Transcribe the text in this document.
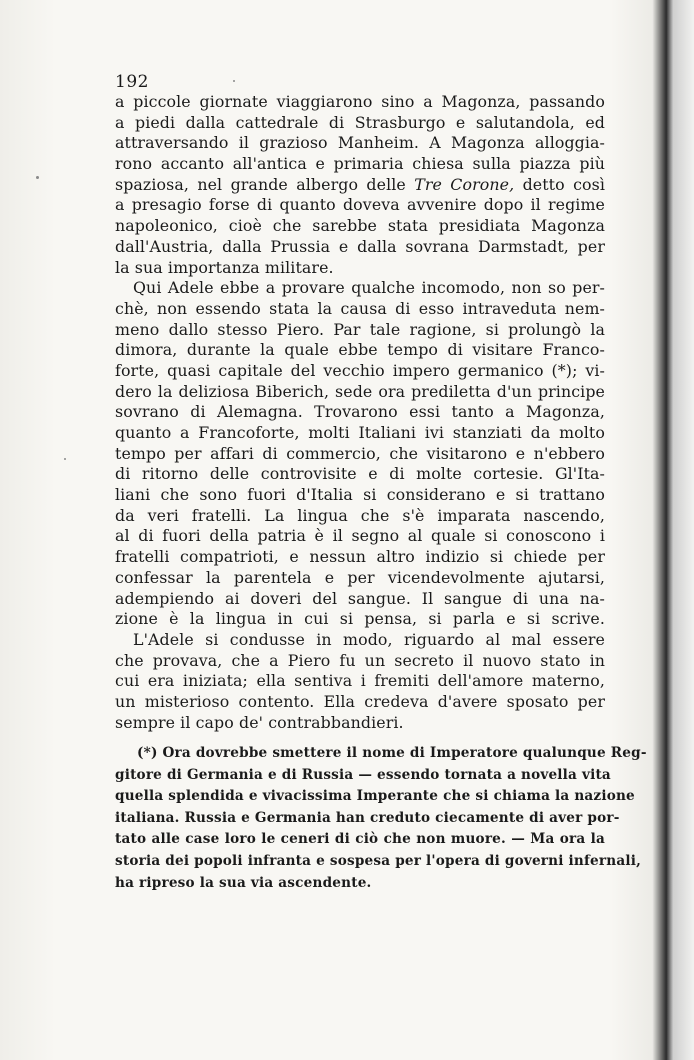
192
a piccole giornate viaggiarono sino a Magonza, passando
a piedi dalla cattedrale di Strasburgo e salutandola, ed
attraversando il grazioso Manheim. A Magonza alloggia-
rono accanto all'antica e primaria chiesa sulla piazza più
spaziosa, nel grande albergo delle Tre Corone, detto così
a presagio forse di quanto doveva avvenire dopo il regime
napoleonico, cioè che sarebbe stata presidiata Magonza
dall'Austria, dalla Prussia e dalla sovrana Darmstadt, per
la sua importanza militare.
Qui Adele ebbe a provare qualche incomodo, non so per-
chè, non essendo stata la causa di esso intraveduta nem-
meno dallo stesso Piero. Par tale ragione, si prolungò la
dimora, durante la quale ebbe tempo di visitare Franco-
forte, quasi capitale del vecchio impero germanico (*); vi-
dero la deliziosa Biberich, sede ora prediletta d'un principe
sovrano di Alemagna. Trovarono essi tanto a Magonza,
quanto a Francoforte, molti Italiani ivi stanziati da molto
tempo per affari di commercio, che visitarono e n'ebbero
di ritorno delle controvisite e di molte cortesie. Gl'Ita-
liani che sono fuori d'Italia si considerano e si trattano
da veri fratelli. La lingua che s'è imparata nascendo,
al di fuori della patria è il segno al quale si conoscono i
fratelli compatrioti, e nessun altro indizio si chiede per
confessar la parentela e per vicendevolmente ajutarsi,
adempiendo ai doveri del sangue. Il sangue di una na-
zione è la lingua in cui si pensa, si parla e si scrive.
L'Adele si condusse in modo, riguardo al mal essere
che provava, che a Piero fu un secreto il nuovo stato in
cui era iniziata; ella sentiva i fremiti dell'amore materno,
un misterioso contento. Ella credeva d'avere sposato per
sempre il capo de' contrabbandieri.
(*) Ora dovrebbe smettere il nome di Imperatore qualunque Reg-
gitore di Germania e di Russia — essendo tornata a novella vita
quella splendida e vivacissima Imperante che si chiama la nazione
italiana. Russia e Germania han creduto ciecamente di aver por-
tato alle case loro le ceneri di ciò che non muore. — Ma ora la
storia dei popoli infranta e sospesa per l'opera di governi infernali,
ha ripreso la sua via ascendente.
